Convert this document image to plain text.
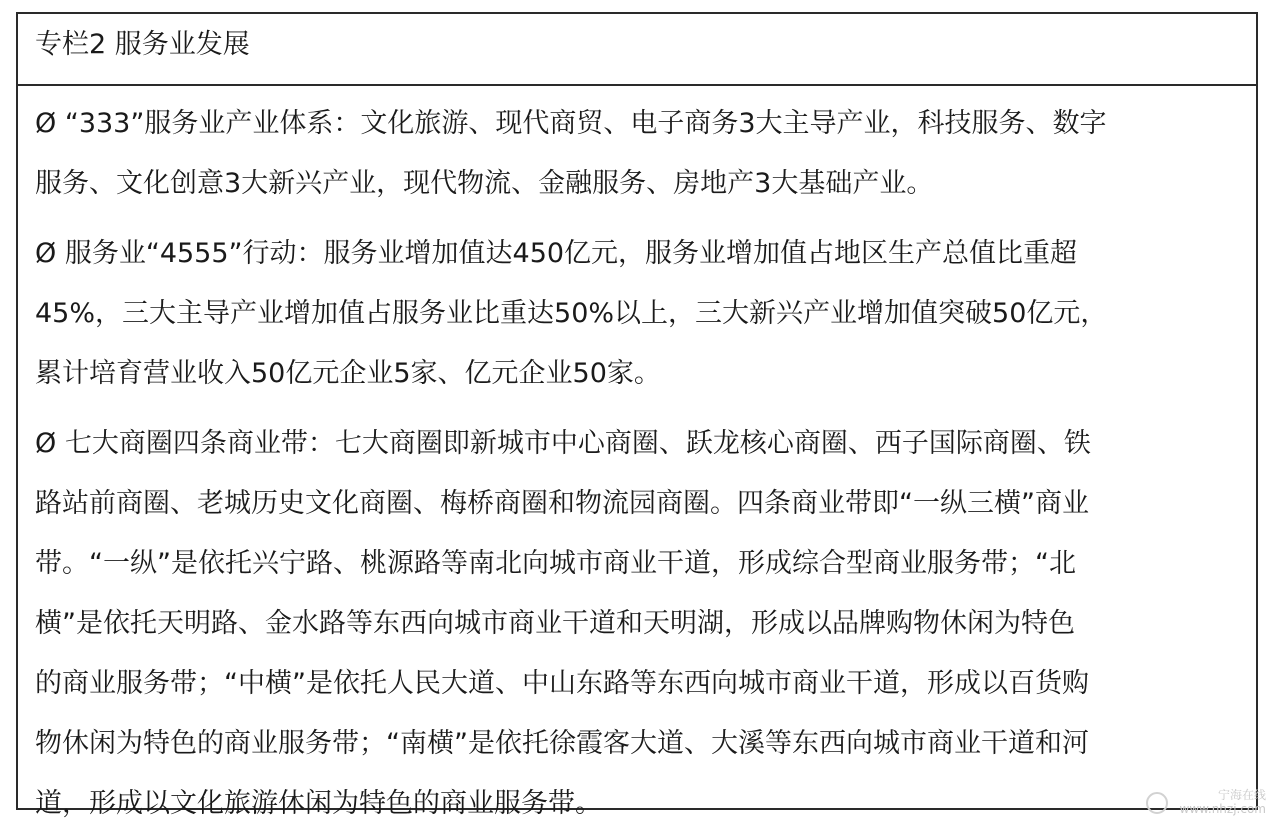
专栏2 服务业发展

Ø “333”服务业产业体系：文化旅游、现代商贸、电子商务3大主导产业，科技服务、数字
服务、文化创意3大新兴产业，现代物流、金融服务、房地产3大基础产业。

Ø 服务业“4555”行动：服务业增加值达450亿元，服务业增加值占地区生产总值比重超
45%，三大主导产业增加值占服务业比重达50%以上，三大新兴产业增加值突破50亿元，
累计培育营业收入50亿元企业5家、亿元企业50家。

Ø 七大商圈四条商业带：七大商圈即新城市中心商圈、跃龙核心商圈、西子国际商圈、铁
路站前商圈、老城历史文化商圈、梅桥商圈和物流园商圈。四条商业带即“一纵三横”商业
带。“一纵”是依托兴宁路、桃源路等南北向城市商业干道，形成综合型商业服务带；“北
横”是依托天明路、金水路等东西向城市商业干道和天明湖，形成以品牌购物休闲为特色
的商业服务带；“中横”是依托人民大道、中山东路等东西向城市商业干道，形成以百货购
物休闲为特色的商业服务带；“南横”是依托徐霞客大道、大溪等东西向城市商业干道和河
道，形成以文化旅游休闲为特色的商业服务带。	宁海在线
www.nhzj.com
